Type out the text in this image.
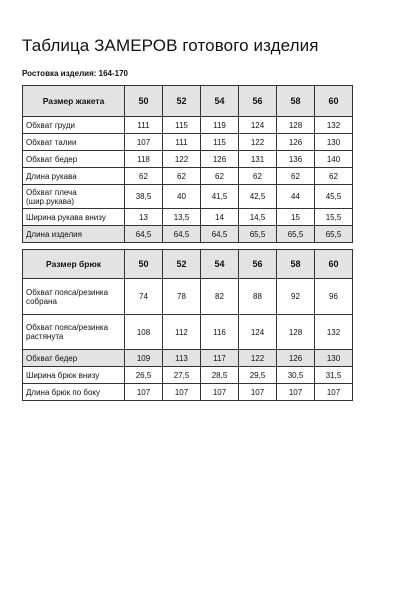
Таблица ЗАМЕРОВ готового изделия

Ростовка изделия: 164-170

Размер жакета	50	52	54	56	58	60
Обхват груди	111	115	119	124	128	132
Обхват талии	107	111	115	122	126	130
Обхват бедер	118	122	126	131	136	140
Длина рукава	62	62	62	62	62	62
Обхват плеча (шир.рукава)	38,5	40	41,5	42,5	44	45,5
Ширина рукава внизу	13	13,5	14	14,5	15	15,5
Длина изделия	64,5	64,5	64,5	65,5	65,5	65,5
Размер брюк	50	52	54	56	58	60
Обхват пояса/резинка собрана	74	78	82	88	92	96
Обхват пояса/резинка растянута	108	112	116	124	128	132
Обхват бедер	109	113	117	122	126	130
Ширина брюк внизу	26,5	27,5	28,5	29,5	30,5	31,5
Длина брюк по боку	107	107	107	107	107	107
